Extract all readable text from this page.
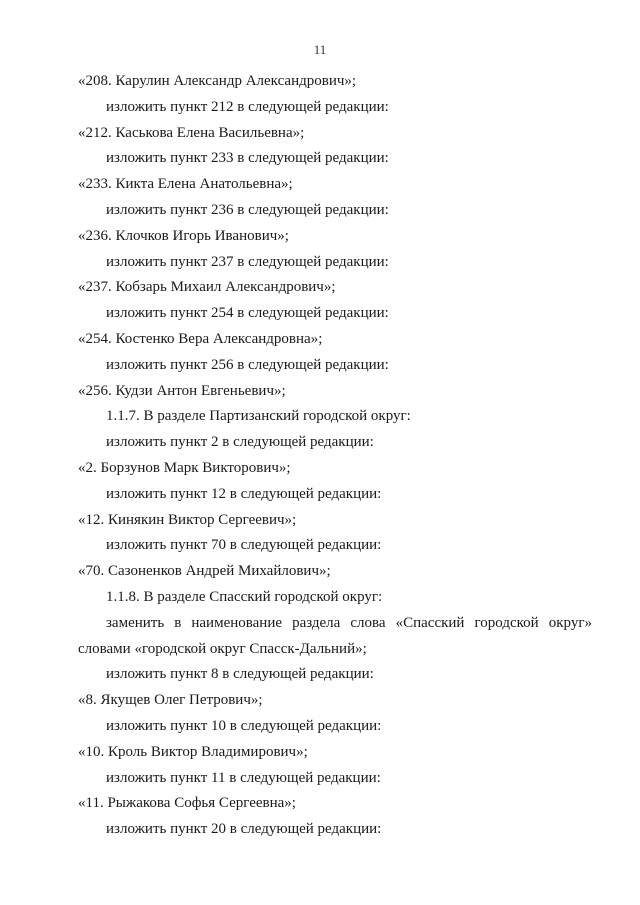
11
«208. Карулин Александр Александрович»;
изложить пункт 212 в следующей редакции:
«212. Каськова Елена Васильевна»;
изложить пункт 233 в следующей редакции:
«233. Кикта Елена Анатольевна»;
изложить пункт 236 в следующей редакции:
«236. Клочков Игорь Иванович»;
изложить пункт 237 в следующей редакции:
«237. Кобзарь Михаил Александрович»;
изложить пункт 254 в следующей редакции:
«254. Костенко Вера Александровна»;
изложить пункт 256 в следующей редакции:
«256. Кудзи Антон Евгеньевич»;
1.1.7. В разделе Партизанский городской округ:
изложить пункт 2 в следующей редакции:
«2. Борзунов Марк Викторович»;
изложить пункт 12 в следующей редакции:
«12. Кинякин Виктор Сергеевич»;
изложить пункт 70 в следующей редакции:
«70. Сазоненков Андрей Михайлович»;
1.1.8. В разделе Спасский городской округ:
заменить в наименование раздела слова «Спасский городской округ»
словами «городской округ Спасск-Дальний»;
изложить пункт 8 в следующей редакции:
«8. Якущев Олег Петрович»;
изложить пункт 10 в следующей редакции:
«10. Кроль Виктор Владимирович»;
изложить пункт 11 в следующей редакции:
«11. Рыжакова Софья Сергеевна»;
изложить пункт 20 в следующей редакции:
